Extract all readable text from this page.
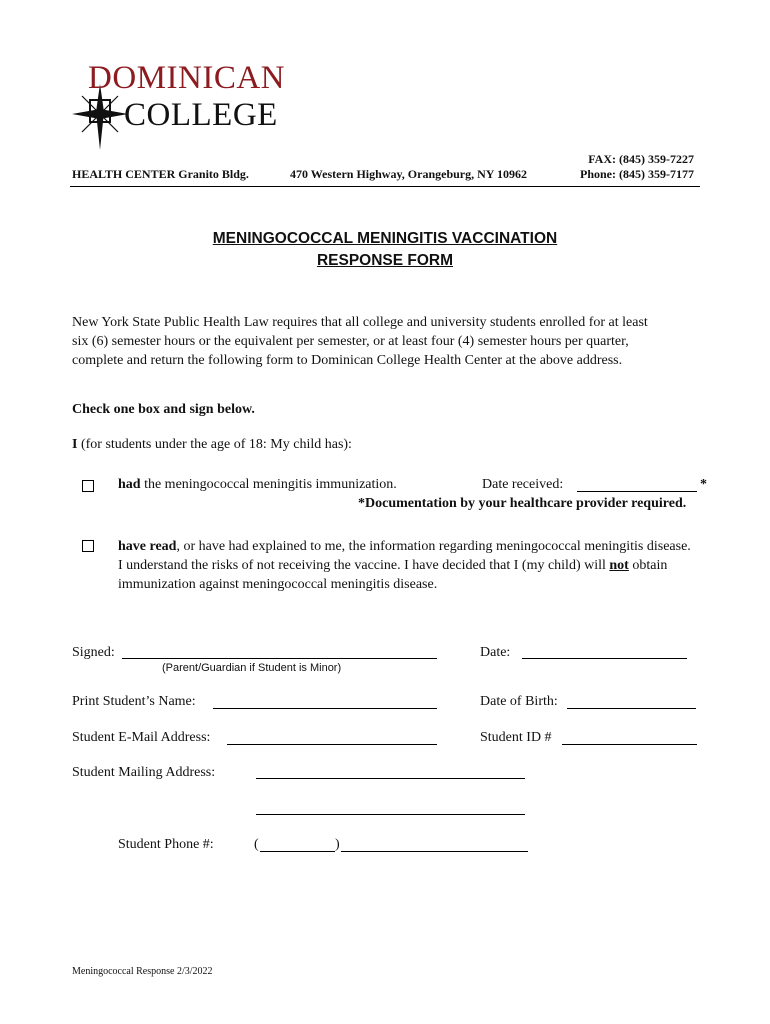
DOMINICAN
COLLEGE
HEALTH CENTER Granito Bldg.	470 Western Highway, Orangeburg, NY 10962
FAX: (845) 359-7227
Phone: (845) 359-7177
MENINGOCOCCAL MENINGITIS VACCINATION
RESPONSE FORM
New York State Public Health Law requires that all college and university students enrolled for at least
six (6) semester hours or the equivalent per semester, or at least four (4) semester hours per quarter,
complete and return the following form to Dominican College Health Center at the above address.
Check one box and sign below.
I (for students under the age of 18: My child has):
had the meningococcal meningitis immunization.	Date received:	*
*Documentation by your healthcare provider required.
have read, or have had explained to me, the information regarding meningococcal meningitis disease.
I understand the risks of not receiving the vaccine. I have decided that I (my child) will not obtain
immunization against meningococcal meningitis disease.
Signed:
(Parent/Guardian if Student is Minor)
Date:
Print Student’s Name:	Date of Birth:
Student E-Mail Address:	Student ID #
Student Mailing Address:
Student Phone #:	(	)
Meningococcal Response 2/3/2022
